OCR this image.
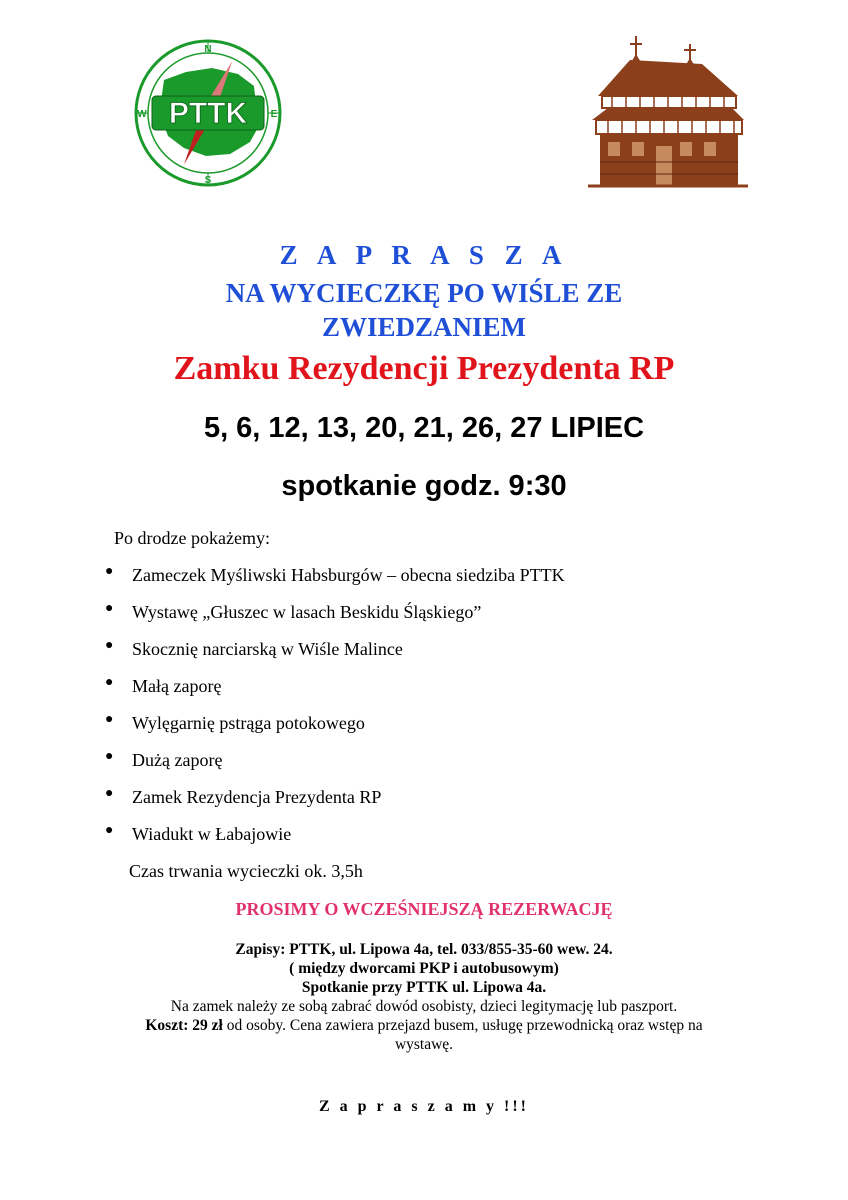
N
S
W	E
PTTK
Z A P R A S Z A
NA WYCIECZKĘ PO WIŚLE ZE
ZWIEDZANIEM
Zamku Rezydencji Prezydenta RP
5, 6, 12, 13, 20, 21, 26, 27 LIPIEC
spotkanie godz. 9:30
Po drodze pokażemy:
● Zameczek Myśliwski Habsburgów – obecna siedziba PTTK
● Wystawę „Głuszec w lasach Beskidu Śląskiego”
● Skocznię narciarską w Wiśle Malince
● Małą zaporę
● Wylęgarnię pstrąga potokowego
● Dużą zaporę
● Zamek Rezydencja Prezydenta RP
● Wiadukt w Łabajowie
Czas trwania wycieczki ok. 3,5h
PROSIMY O WCZEŚNIEJSZĄ REZERWACJĘ
Zapisy: PTTK, ul. Lipowa 4a, tel. 033/855-35-60 wew. 24.
( między dworcami PKP i autobusowym)
Spotkanie przy PTTK ul. Lipowa 4a.
Na zamek należy ze sobą zabrać dowód osobisty, dzieci legitymację lub paszport.
Koszt: 29 zł od osoby. Cena zawiera przejazd busem, usługę przewodnicką oraz wstęp na
wystawę.
Z a p r a s z a m y !!!
